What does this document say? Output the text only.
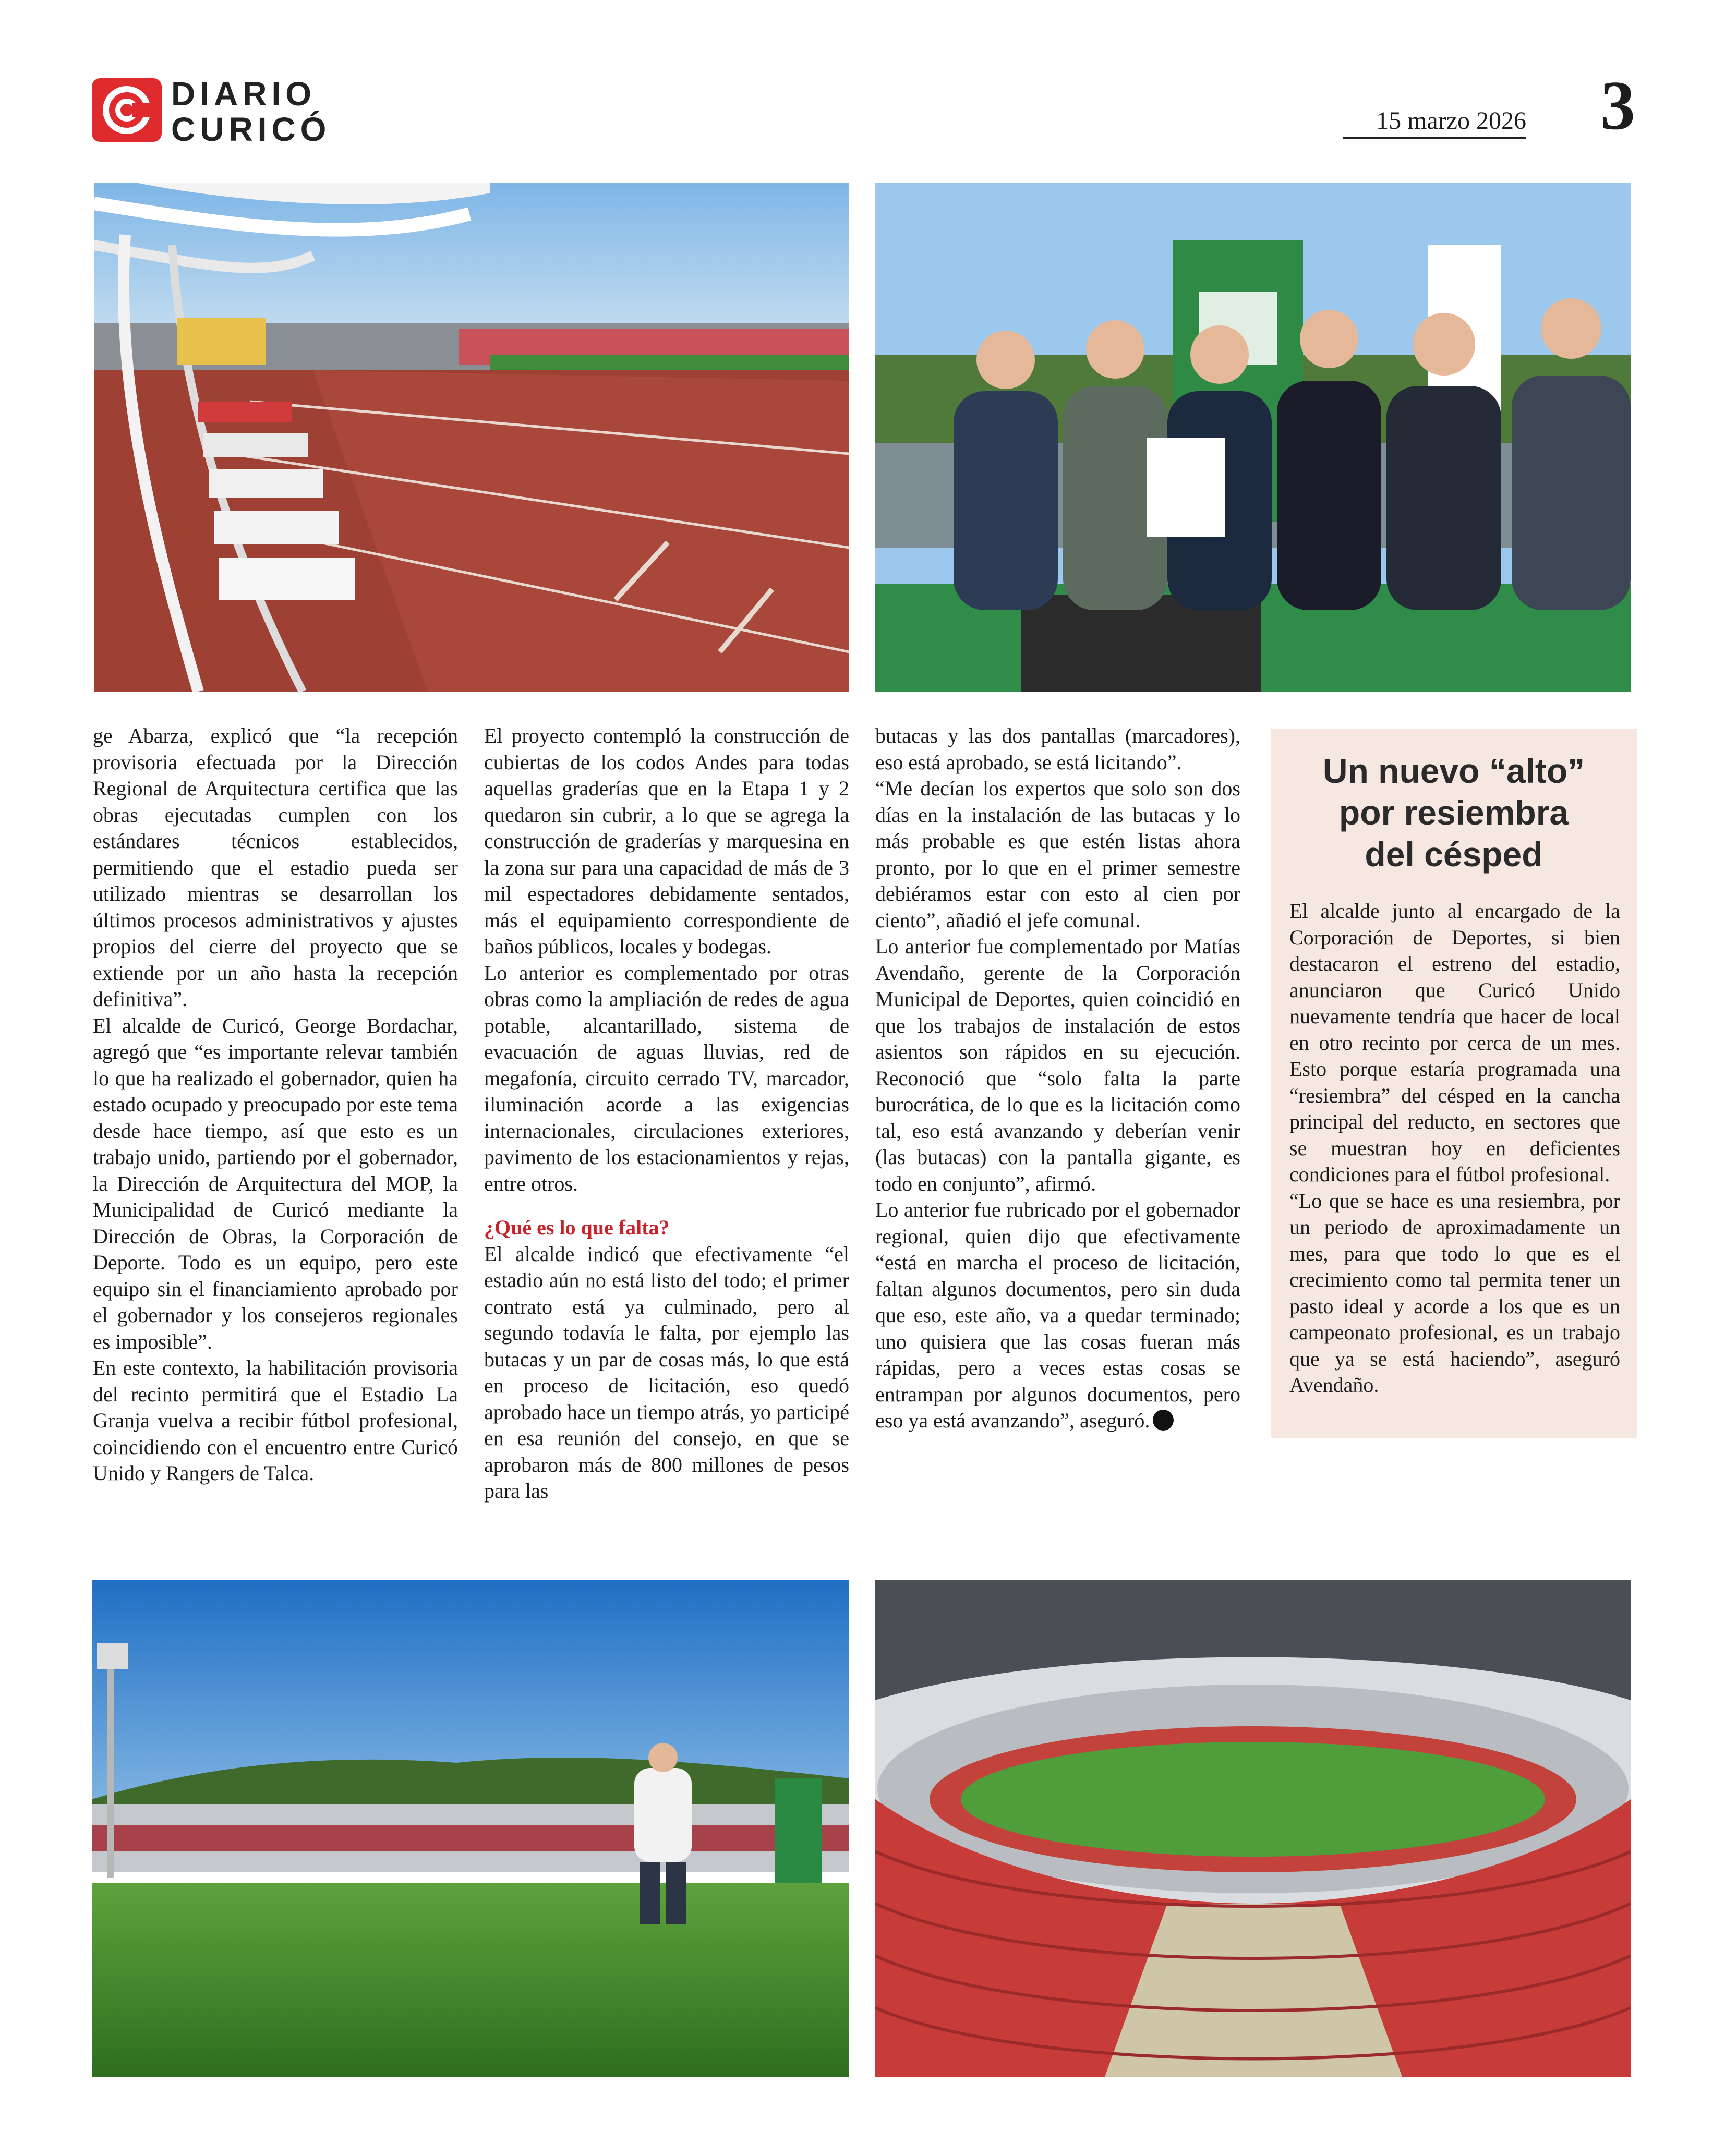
DIARIO
CURICÓ	15 marzo 2026 3

ge Abarza, explicó que “la recepción provisoria efectuada por la Dirección Regional de Arquitectura certifica que las obras ejecutadas cumplen con los estándares técnicos establecidos, permitiendo que el estadio pueda ser utilizado mientras se desarrollan los últimos procesos administrativos y ajustes propios del cierre del proyecto que se extiende por un año hasta la recepción definitiva”.

El alcalde de Curicó, George Bordachar, agregó que “es importante relevar también lo que ha realizado el gobernador, quien ha estado ocupado y preocupado por este tema desde hace tiempo, así que esto es un trabajo unido, partiendo por el gobernador, la Dirección de Arquitectura del MOP, la Municipalidad de Curicó mediante la Dirección de Obras, la Corporación de Deporte. Todo es un equipo, pero este equipo sin el financiamiento aprobado por el gobernador y los consejeros regionales es imposible”.

En este contexto, la habilitación provisoria del recinto permitirá que el Estadio La Granja vuelva a recibir fútbol profesional, coincidiendo con el encuentro entre Curicó Unido y Rangers de Talca.

El proyecto contempló la construcción de cubiertas de los codos Andes para todas aquellas graderías que en la Etapa 1 y 2 quedaron sin cubrir, a lo que se agrega la construcción de graderías y marquesina en la zona sur para una capacidad de más de 3 mil espectadores debidamente sentados, más el equipamiento correspondiente de baños públicos, locales y bodegas.

Lo anterior es complementado por otras obras como la ampliación de redes de agua potable, alcantarillado, sistema de evacuación de aguas lluvias, red de megafonía, circuito cerrado TV, marcador, iluminación acorde a las exigencias internacionales, circulaciones exteriores, pavimento de los estacionamientos y rejas, entre otros.

¿Qué es lo que falta?

El alcalde indicó que efectivamente “el estadio aún no está listo del todo; el primer contrato está ya culminado, pero al segundo todavía le falta, por ejemplo las butacas y un par de cosas más, lo que está en proceso de licitación, eso quedó aprobado hace un tiempo atrás, yo participé en esa reunión del consejo, en que se aprobaron más de 800 millones de pesos para las

butacas y las dos pantallas (marcadores), eso está aprobado, se está licitando”.

“Me decían los expertos que solo son dos días en la instalación de las butacas y lo más probable es que estén listas ahora pronto, por lo que en el primer semestre debiéramos estar con esto al cien por ciento”, añadió el jefe comunal.

Lo anterior fue complementado por Matías Avendaño, gerente de la Corporación Municipal de Deportes, quien coincidió en que los trabajos de instalación de estos asientos son rápidos en su ejecución. Reconoció que “solo falta la parte burocrática, de lo que es la licitación como tal, eso está avanzando y deberían venir (las butacas) con la pantalla gigante, es todo en conjunto”, afirmó.

Lo anterior fue rubricado por el gobernador regional, quien dijo que efectivamente “está en marcha el proceso de licitación, faltan algunos documentos, pero sin duda que eso, este año, va a quedar terminado; uno quisiera que las cosas fueran más rápidas, pero a veces estas cosas se entrampan por algunos documentos, pero eso ya está avanzando”, aseguró.

Un nuevo “alto”
por resiembra
del césped

El alcalde junto al encargado de la Corporación de Deportes, si bien destacaron el estreno del estadio, anunciaron que Curicó Unido nuevamente tendría que hacer de local en otro recinto por cerca de un mes. Esto porque estaría programada una “resiembra” del césped en la cancha principal del reducto, en sectores que se muestran hoy en deficientes condiciones para el fútbol profesional.

“Lo que se hace es una resiembra, por un periodo de aproximadamente un mes, para que todo lo que es el crecimiento como tal permita tener un pasto ideal y acorde a los que es un campeonato profesional, es un trabajo que ya se está haciendo”, aseguró Avendaño.
